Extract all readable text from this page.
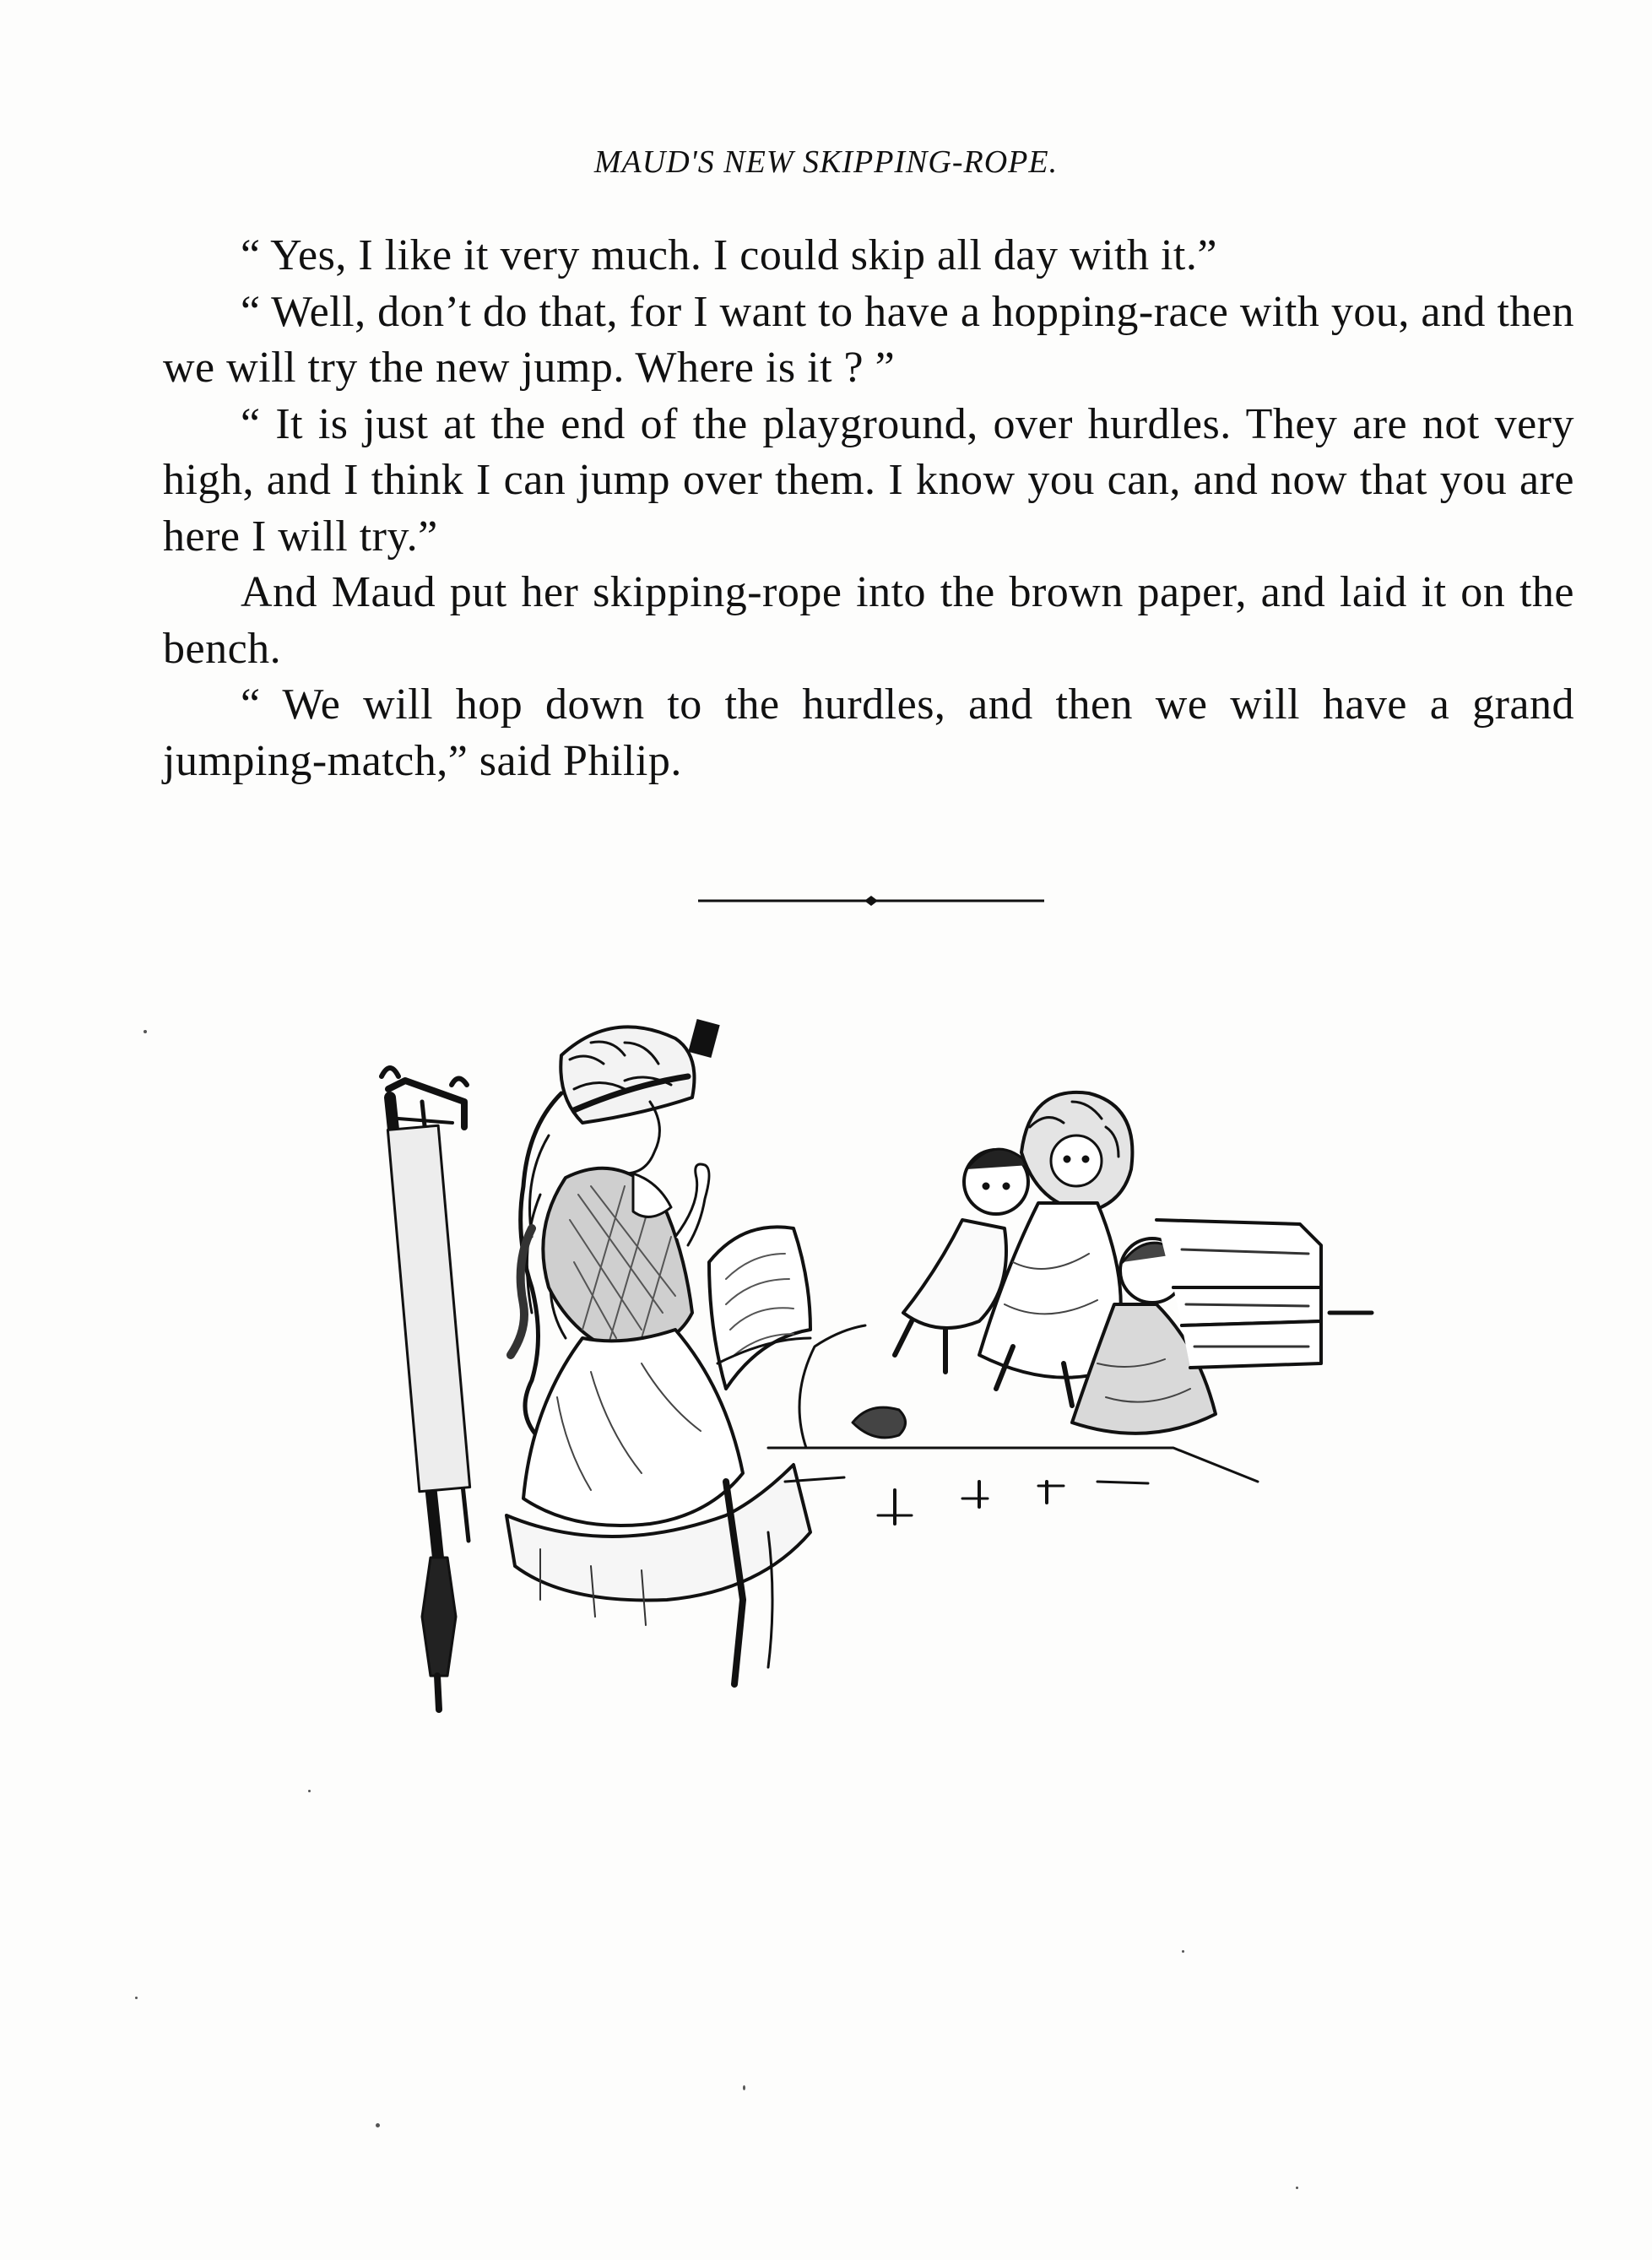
MAUD'S NEW SKIPPING-ROPE.

“ Yes, I like it very much. I could skip all day with it.”

“ Well, don’t do that, for I want to have a hopping-race with you, and then we will try the new jump. Where is it ? ”

“ It is just at the end of the playground, over hurdles. They are not very high, and I think I can jump over them. I know you can, and now that you are here I will try.”

And Maud put her skipping-rope into the brown paper, and laid it on the bench.

“ We will hop down to the hurdles, and then we will have a grand jumping-match,” said Philip.
